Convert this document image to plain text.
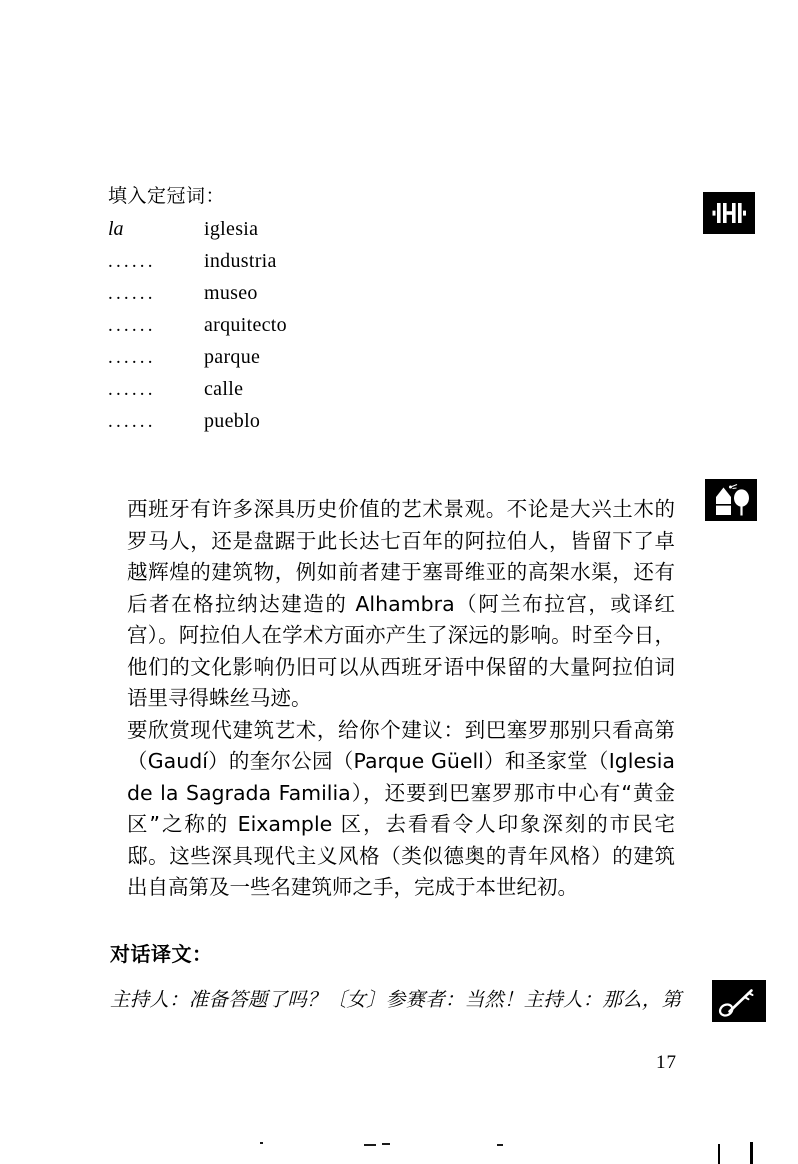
填入定冠词：
la	iglesia
......	industria
......	museo
......	arquitecto
......	parque
......	calle
......	pueblo

西班牙有许多深具历史价值的艺术景观。不论是大兴土木的罗马人，还是盘踞于此长达七百年的阿拉伯人，皆留下了卓越辉煌的建筑物，例如前者建于塞哥维亚的高架水渠，还有后者在格拉纳达建造的 Alhambra（阿兰布拉宫，或译红宫）。阿拉伯人在学术方面亦产生了深远的影响。时至今日，他们的文化影响仍旧可以从西班牙语中保留的大量阿拉伯词语里寻得蛛丝马迹。

要欣赏现代建筑艺术，给你个建议：到巴塞罗那别只看高第（Gaudí）的奎尔公园（Parque Güell）和圣家堂（Iglesia de la Sagrada Familia），还要到巴塞罗那市中心有“黄金区”之称的 Eixample 区，去看看令人印象深刻的市民宅邸。这些深具现代主义风格（类似德奥的青年风格）的建筑出自高第及一些名建筑师之手，完成于本世纪初。

对话译文：
主持人：准备答题了吗？〔女〕参赛者：当然！主持人：那么，第
17
